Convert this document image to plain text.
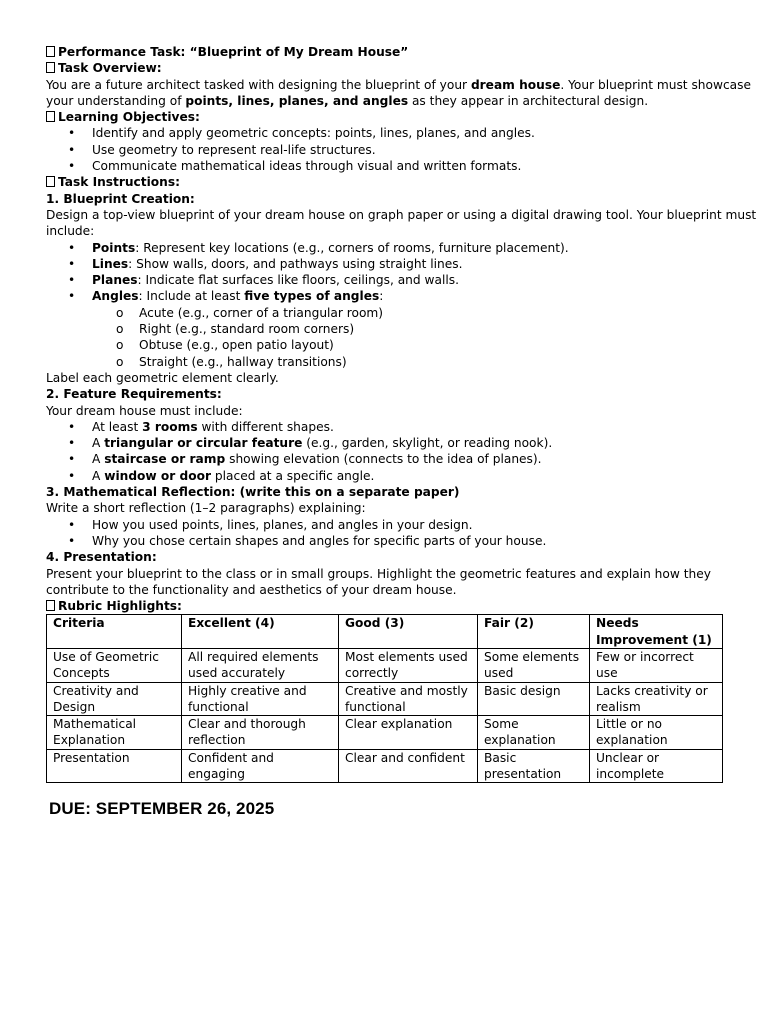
Performance Task: “Blueprint of My Dream House”
Task Overview:
You are a future architect tasked with designing the blueprint of your dream house. Your blueprint must showcase
your understanding of points, lines, planes, and angles as they appear in architectural design.
Learning Objectives:
• Identify and apply geometric concepts: points, lines, planes, and angles.
• Use geometry to represent real-life structures.
• Communicate mathematical ideas through visual and written formats.
Task Instructions:
1. Blueprint Creation:
Design a top-view blueprint of your dream house on graph paper or using a digital drawing tool. Your blueprint must
include:
• Points: Represent key locations (e.g., corners of rooms, furniture placement).
• Lines: Show walls, doors, and pathways using straight lines.
• Planes: Indicate flat surfaces like floors, ceilings, and walls.
• Angles: Include at least five types of angles:
o Acute (e.g., corner of a triangular room)
o Right (e.g., standard room corners)
o Obtuse (e.g., open patio layout)
o Straight (e.g., hallway transitions)
Label each geometric element clearly.
2. Feature Requirements:
Your dream house must include:
• At least 3 rooms with different shapes.
• A triangular or circular feature (e.g., garden, skylight, or reading nook).
• A staircase or ramp showing elevation (connects to the idea of planes).
• A window or door placed at a specific angle.
3. Mathematical Reflection: (write this on a separate paper)
Write a short reflection (1–2 paragraphs) explaining:
• How you used points, lines, planes, and angles in your design.
• Why you chose certain shapes and angles for specific parts of your house.
4. Presentation:
Present your blueprint to the class or in small groups. Highlight the geometric features and explain how they
contribute to the functionality and aesthetics of your dream house.
Rubric Highlights:
Criteria	Excellent (4)	Good (3)	Fair (2)	Needs Improvement (1)
Use of Geometric Concepts	All required elements used accurately	Most elements used correctly	Some elements used	Few or incorrect use
Creativity and Design	Highly creative and functional	Creative and mostly functional	Basic design	Lacks creativity or realism
Mathematical Explanation	Clear and thorough reflection	Clear explanation	Some explanation	Little or no explanation
Presentation	Confident and engaging	Clear and confident	Basic presentation	Unclear or incomplete
DUE: SEPTEMBER 26, 2025
